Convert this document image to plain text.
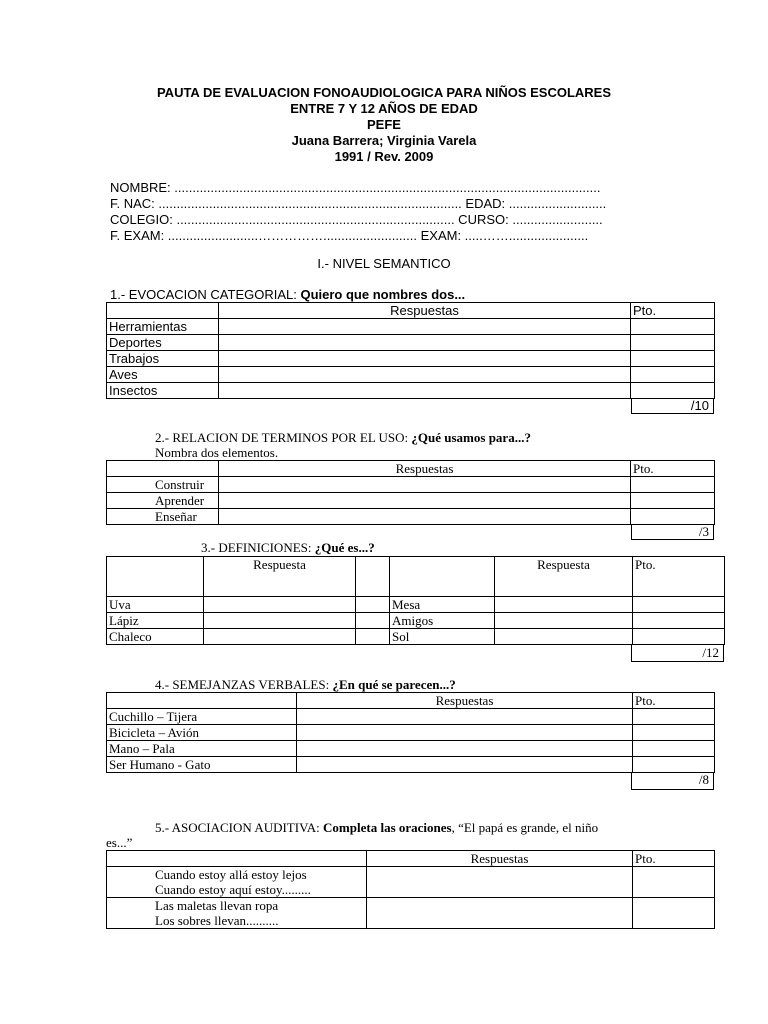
PAUTA DE EVALUACION FONOAUDIOLOGICA PARA NIÑOS ESCOLARES
ENTRE 7 Y 12 AÑOS DE EDAD
PEFE
Juana Barrera; Virginia Varela
1991 / Rev. 2009
NOMBRE: ......................................................................................................................
F. NAC: .................................................................................... EDAD: ...........................
COLEGIO: ............................................................................. CURSO: .........................
F. EXAM: .........................…………….......................... EXAM: .....……......................
I.- NIVEL SEMANTICO
1.- EVOCACION CATEGORIAL: Quiero que nombres dos...
	Respuestas	Pto.
Herramientas		
Deportes		
Trabajos		
Aves		
Insectos		
/10
2.- RELACION DE TERMINOS POR EL USO: ¿Qué usamos para...?
Nombra dos elementos.
	Respuestas	Pto.
Construir		
Aprender		
Enseñar		
/3
3.- DEFINICIONES: ¿Qué es...?
	Respuesta			Respuesta	Pto.
Uva			Mesa		
Lápiz			Amigos		
Chaleco			Sol		
/12
4.- SEMEJANZAS VERBALES: ¿En qué se parecen...?
	Respuestas	Pto.
Cuchillo – Tijera		
Bicicleta – Avión		
Mano – Pala		
Ser Humano - Gato		
/8
5.- ASOCIACION AUDITIVA: Completa las oraciones, “El papá es grande, el niño
es...”
	Respuestas	Pto.

Cuando estoy allá estoy lejos
Cuando estoy aquí estoy.........		

Las maletas llevan ropa
Los sobres llevan..........		
